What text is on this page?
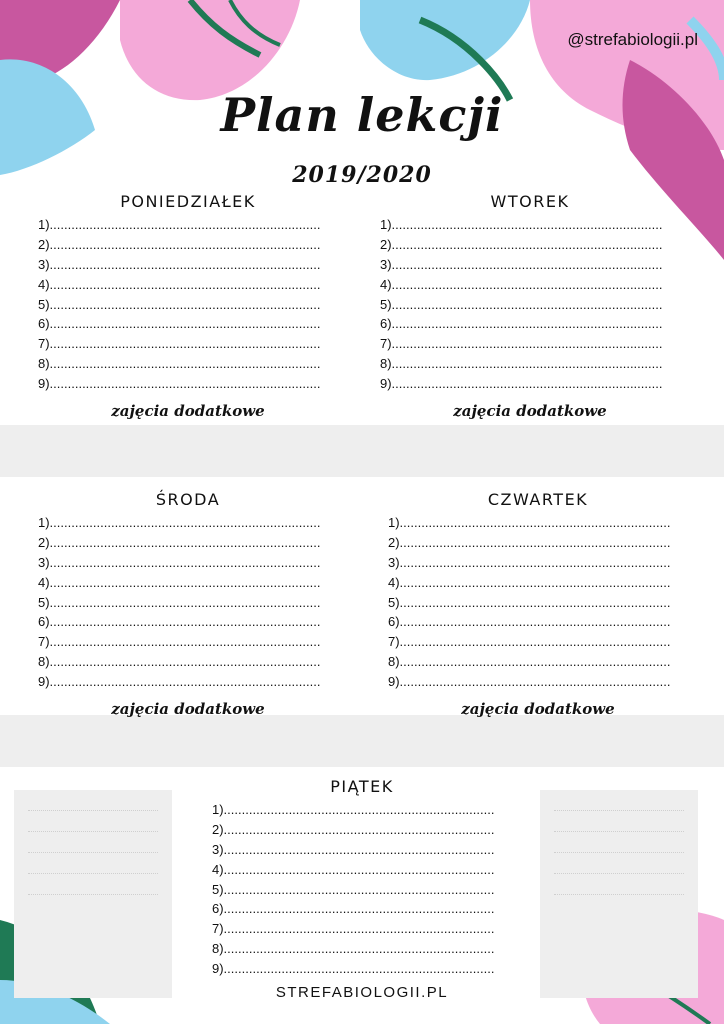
@strefabiologii.pl
Plan lekcji
2019/2020
PONIEDZIAŁEK
1)...........................................................................
2)...........................................................................
3)...........................................................................
4)...........................................................................
5)...........................................................................
6)...........................................................................
7)...........................................................................
8)...........................................................................
9)...........................................................................
zajęcia dodatkowe
WTOREK
1)...........................................................................
2)...........................................................................
3)...........................................................................
4)...........................................................................
5)...........................................................................
6)...........................................................................
7)...........................................................................
8)...........................................................................
9)...........................................................................
zajęcia dodatkowe
ŚRODA
1)...........................................................................
2)...........................................................................
3)...........................................................................
4)...........................................................................
5)...........................................................................
6)...........................................................................
7)...........................................................................
8)...........................................................................
9)...........................................................................
zajęcia dodatkowe
CZWARTEK
1)...........................................................................
2)...........................................................................
3)...........................................................................
4)...........................................................................
5)...........................................................................
6)...........................................................................
7)...........................................................................
8)...........................................................................
9)...........................................................................
zajęcia dodatkowe
PIĄTEK
1)...........................................................................
2)...........................................................................
3)...........................................................................
4)...........................................................................
5)...........................................................................
6)...........................................................................
7)...........................................................................
8)...........................................................................
9)...........................................................................
STREFABIOLOGII.PL
